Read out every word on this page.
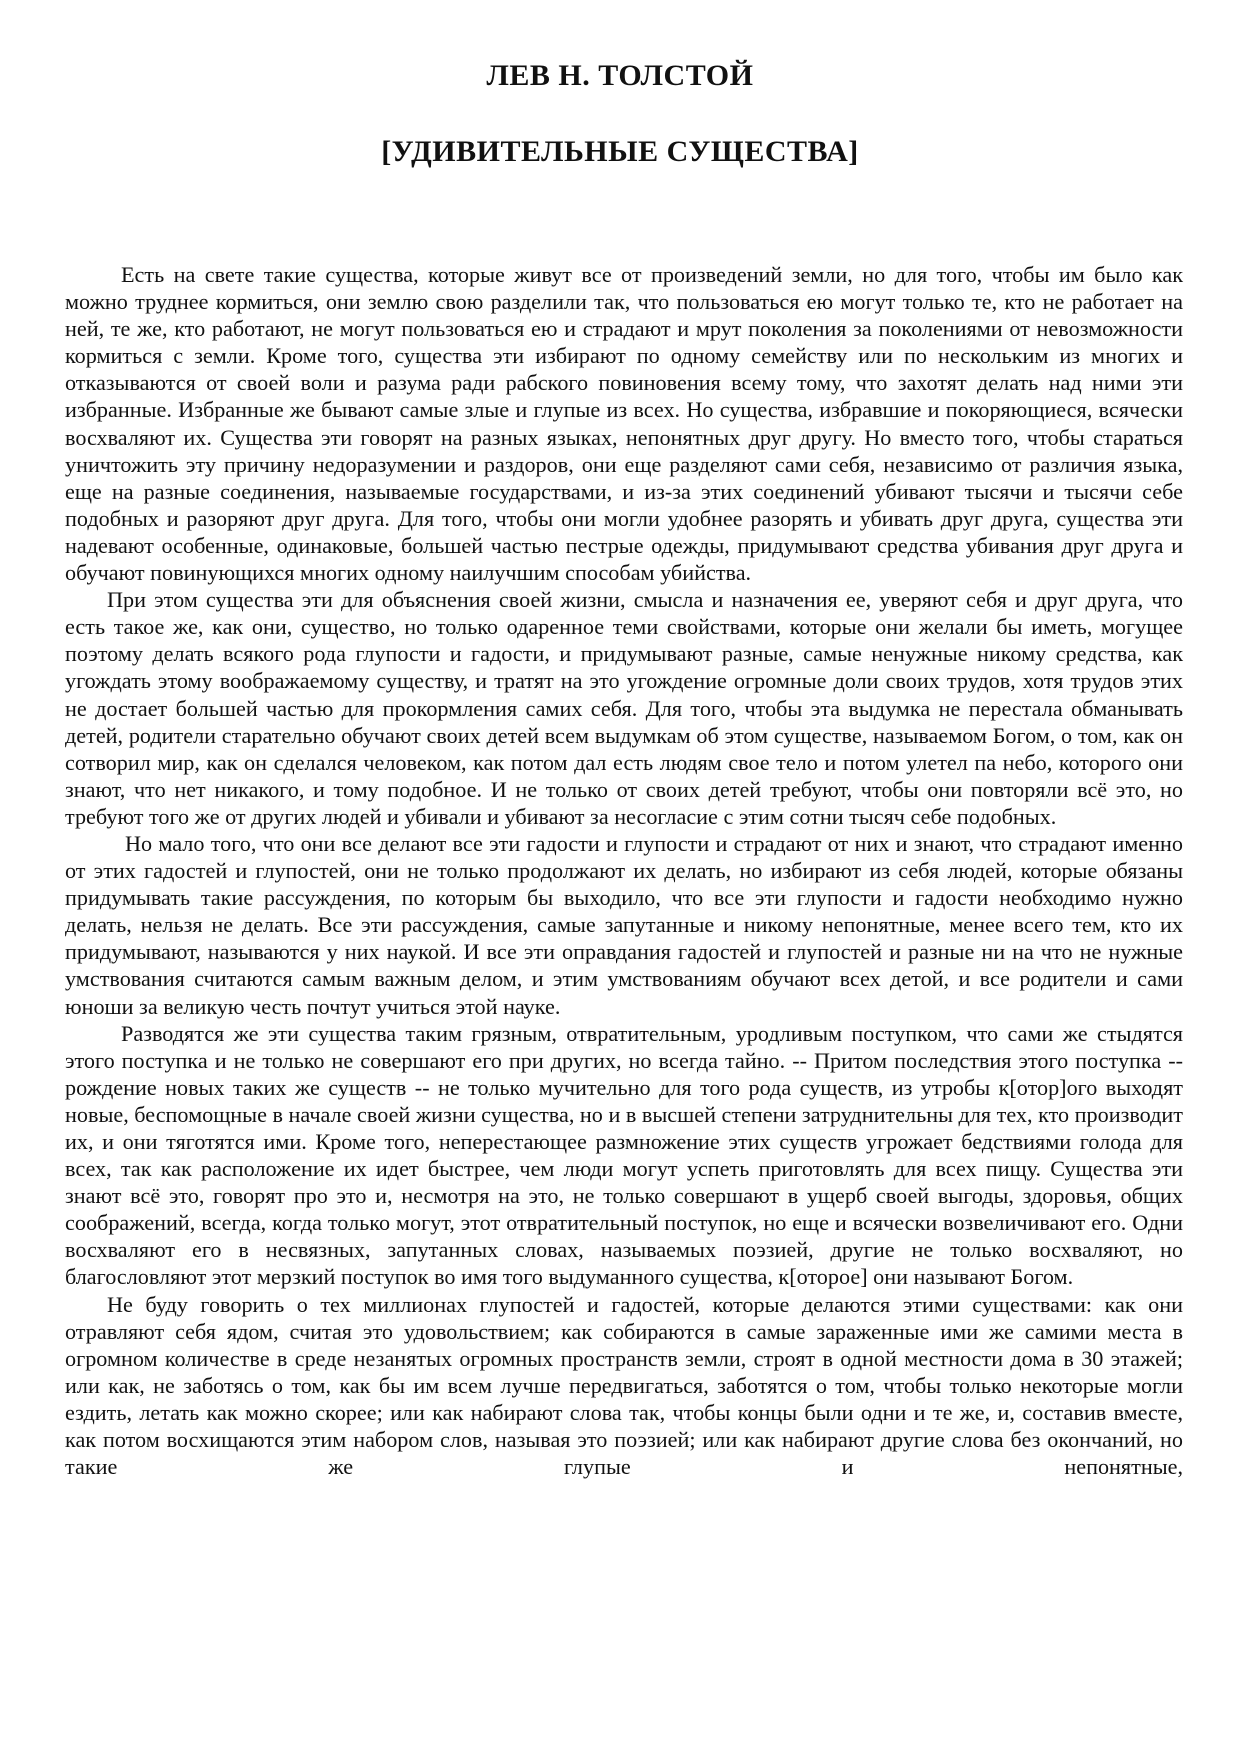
ЛЕВ Н. ТОЛСТОЙ
[УДИВИТЕЛЬНЫЕ СУЩЕСТВА]

Есть на свете такие существа, которые живут все от произведений земли, но для того, чтобы им было как можно труднее кормиться, они землю свою разделили так, что пользоваться ею могут только те, кто не работает на ней, те же, кто работают, не могут пользоваться ею и страдают и мрут поколения за поколениями от невозможности кормиться с земли. Кроме того, существа эти избирают по одному семейству или по нескольким из многих и отказываются от своей воли и разума ради рабского повиновения всему тому, что захотят делать над ними эти избранные. Избранные же бывают самые злые и глупые из всех. Но существа, избравшие и покоряющиеся, всячески восхваляют их. Существа эти говорят на разных языках, непонятных друг другу. Но вместо того, чтобы стараться уничтожить эту причину недоразумении и раздоров, они еще разделяют сами себя, независимо от различия языка, еще на разные соединения, называемые государствами, и из-за этих соединений убивают тысячи и тысячи себе подобных и разоряют друг друга. Для того, чтобы они могли удобнее разорять и убивать друг друга, существа эти надевают особенные, одинаковые, большей частью пестрые одежды, придумывают средства убивания друг друга и обучают повинующихся многих одному наилучшим способам убийства.

При этом существа эти для объяснения своей жизни, смысла и назначения ее, уверяют себя и друг друга, что есть такое же, как они, существо, но только одаренное теми свойствами, которые они желали бы иметь, могущее поэтому делать всякого рода глупости и гадости, и придумывают разные, самые ненужные никому средства, как угождать этому воображаемому существу, и тратят на это угождение огромные доли своих трудов, хотя трудов этих не достает большей частью для прокормления самих себя. Для того, чтобы эта выдумка не перестала обманывать детей, родители старательно обучают своих детей всем выдумкам об этом существе, называемом Богом, о том, как он сотворил мир, как он сделался человеком, как потом дал есть людям свое тело и потом улетел па небо, которого они знают, что нет никакого, и тому подобное. И не только от своих детей требуют, чтобы они повторяли всё это, но требуют того же от других людей и убивали и убивают за несогласие с этим сотни тысяч себе подобных.

Но мало того, что они все делают все эти гадости и глупости и страдают от них и знают, что страдают именно от этих гадостей и глупостей, они не только продолжают их делать, но избирают из себя людей, которые обязаны придумывать такие рассуждения, по которым бы выходило, что все эти глупости и гадости необходимо нужно делать, нельзя не делать. Все эти рассуждения, самые запутанные и никому непонятные, менее всего тем, кто их придумывают, называются у них наукой. И все эти оправдания гадостей и глупостей и разные ни на что не нужные умствования считаются самым важным делом, и этим умствованиям обучают всех детой, и все родители и сами юноши за великую честь почтут учиться этой науке.

Разводятся же эти существа таким грязным, отвратительным, уродливым поступком, что сами же стыдятся этого поступка и не только не совершают его при других, но всегда тайно. -- Притом последствия этого поступка -- рождение новых таких же существ -- не только мучительно для того рода существ, из утробы к[отор]ого выходят новые, беспомощные в начале своей жизни существа, но и в высшей степени затруднительны для тех, кто производит их, и они тяготятся ими. Кроме того, неперестающее размножение этих существ угрожает бедствиями голода для всех, так как расположение их идет быстрее, чем люди могут успеть приготовлять для всех пищу. Существа эти знают всё это, говорят про это и, несмотря на это, не только совершают в ущерб своей выгоды, здоровья, общих соображений, всегда, когда только могут, этот отвратительный поступок, но еще и всячески возвеличивают его. Одни восхваляют его в несвязных, запутанных словах, называемых поэзией, другие не только восхваляют, но благословляют этот мерзкий поступок во имя того выдуманного существа, к[оторое] они называют Богом.

Не буду говорить о тех миллионах глупостей и гадостей, которые делаются этими существами: как они отравляют себя ядом, считая это удовольствием; как собираются в самые зараженные ими же самими места в огромном количестве в среде незанятых огромных пространств земли, строят в одной местности дома в 30 этажей; или как, не заботясь о том, как бы им всем лучше передвигаться, заботятся о том, чтобы только некоторые могли ездить, летать как можно скорее; или как набирают слова так, чтобы концы были одни и те же, и, составив вместе, как потом восхищаются этим набором слов, называя это поэзией; или как набирают другие слова без окончаний, но такие же глупые и непонятные,
